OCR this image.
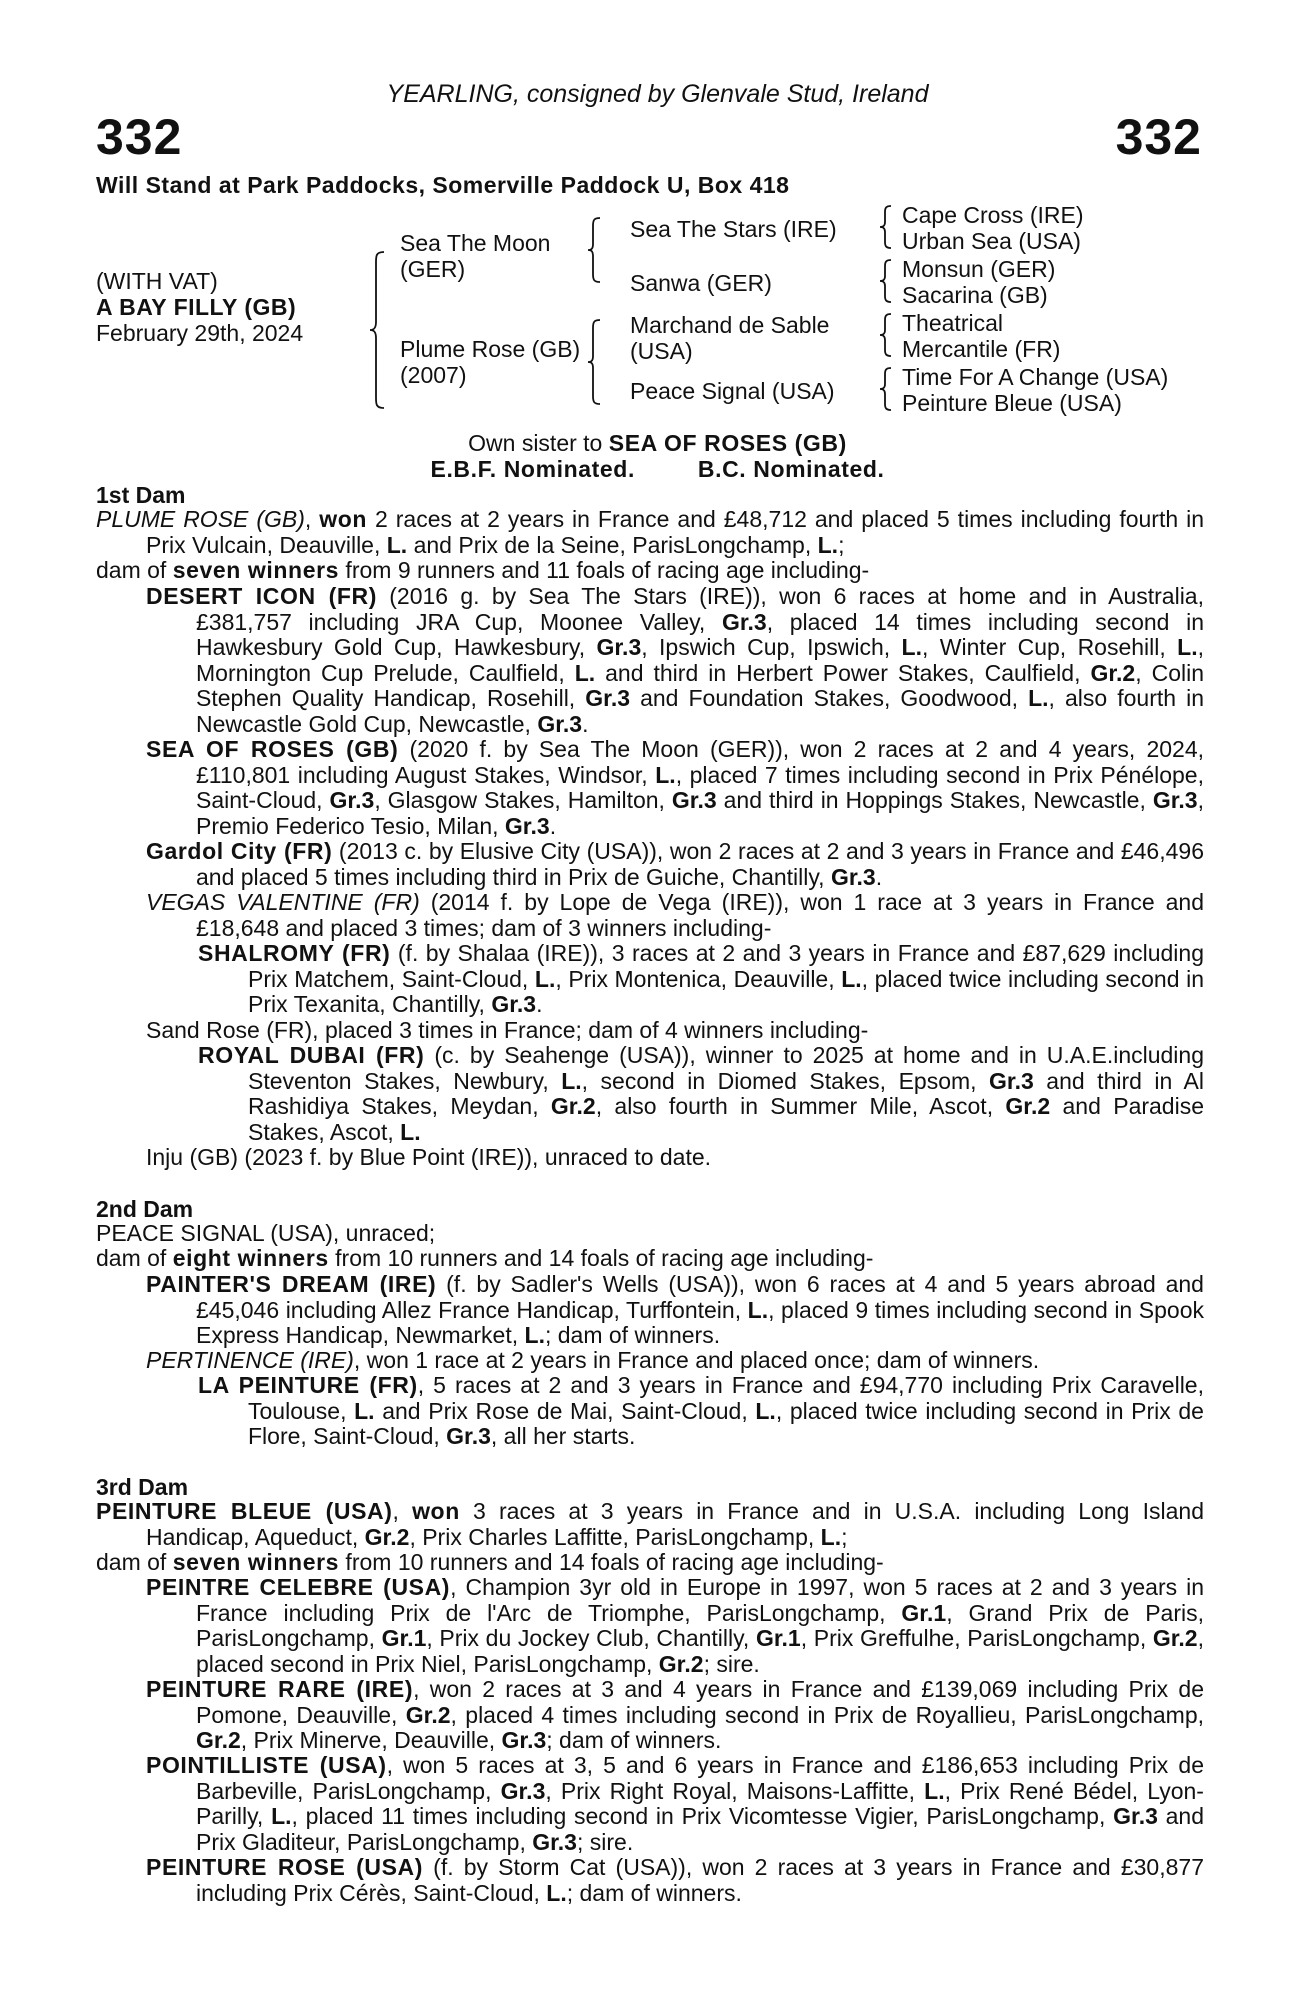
YEARLING, consigned by Glenvale Stud, Ireland
332	332
Will Stand at Park Paddocks, Somerville Paddock U, Box 418
(WITH VAT)
A BAY FILLY (GB)
February 29th, 2024
Sea The Moon (GER)
Plume Rose (GB) (2007)
Sea The Stars (IRE)
Sanwa (GER)
Marchand de Sable (USA)
Peace Signal (USA)
Cape Cross (IRE)
Urban Sea (USA)
Monsun (GER)
Sacarina (GB)
Theatrical
Mercantile (FR)
Time For A Change (USA)
Peinture Bleue (USA)
Own sister to SEA OF ROSES (GB)
E.B.F. Nominated.	B.C. Nominated.
1st Dam

PLUME ROSE (GB), won 2 races at 2 years in France and £48,712 and placed 5 times including fourth in Prix Vulcain, Deauville, L. and Prix de la Seine, ParisLongchamp, L.;

dam of seven winners from 9 runners and 11 foals of racing age including-

DESERT ICON (FR) (2016 g. by Sea The Stars (IRE)), won 6 races at home and in Australia, £381,757 including JRA Cup, Moonee Valley, Gr.3, placed 14 times including second in Hawkesbury Gold Cup, Hawkesbury, Gr.3, Ipswich Cup, Ipswich, L., Winter Cup, Rosehill, L., Mornington Cup Prelude, Caulfield, L. and third in Herbert Power Stakes, Caulfield, Gr.2, Colin Stephen Quality Handicap, Rosehill, Gr.3 and Foundation Stakes, Goodwood, L., also fourth in Newcastle Gold Cup, Newcastle, Gr.3.

SEA OF ROSES (GB) (2020 f. by Sea The Moon (GER)), won 2 races at 2 and 4 years, 2024, £110,801 including August Stakes, Windsor, L., placed 7 times including second in Prix Pénélope, Saint-Cloud, Gr.3, Glasgow Stakes, Hamilton, Gr.3 and third in Hoppings Stakes, Newcastle, Gr.3, Premio Federico Tesio, Milan, Gr.3.

Gardol City (FR) (2013 c. by Elusive City (USA)), won 2 races at 2 and 3 years in France and £46,496 and placed 5 times including third in Prix de Guiche, Chantilly, Gr.3.

VEGAS VALENTINE (FR) (2014 f. by Lope de Vega (IRE)), won 1 race at 3 years in France and £18,648 and placed 3 times; dam of 3 winners including-

SHALROMY (FR) (f. by Shalaa (IRE)), 3 races at 2 and 3 years in France and £87,629 including Prix Matchem, Saint-Cloud, L., Prix Montenica, Deauville, L., placed twice including second in Prix Texanita, Chantilly, Gr.3.

Sand Rose (FR), placed 3 times in France; dam of 4 winners including-

ROYAL DUBAI (FR) (c. by Seahenge (USA)), winner to 2025 at home and in U.A.E.including Steventon Stakes, Newbury, L., second in Diomed Stakes, Epsom, Gr.3 and third in Al Rashidiya Stakes, Meydan, Gr.2, also fourth in Summer Mile, Ascot, Gr.2 and Paradise Stakes, Ascot, L.

Inju (GB) (2023 f. by Blue Point (IRE)), unraced to date.

2nd Dam

PEACE SIGNAL (USA), unraced;

dam of eight winners from 10 runners and 14 foals of racing age including-

PAINTER'S DREAM (IRE) (f. by Sadler's Wells (USA)), won 6 races at 4 and 5 years abroad and £45,046 including Allez France Handicap, Turffontein, L., placed 9 times including second in Spook Express Handicap, Newmarket, L.; dam of winners.

PERTINENCE (IRE), won 1 race at 2 years in France and placed once; dam of winners.

LA PEINTURE (FR), 5 races at 2 and 3 years in France and £94,770 including Prix Caravelle, Toulouse, L. and Prix Rose de Mai, Saint-Cloud, L., placed twice including second in Prix de Flore, Saint-Cloud, Gr.3, all her starts.

3rd Dam

PEINTURE BLEUE (USA), won 3 races at 3 years in France and in U.S.A. including Long Island Handicap, Aqueduct, Gr.2, Prix Charles Laffitte, ParisLongchamp, L.;

dam of seven winners from 10 runners and 14 foals of racing age including-

PEINTRE CELEBRE (USA), Champion 3yr old in Europe in 1997, won 5 races at 2 and 3 years in France including Prix de l'Arc de Triomphe, ParisLongchamp, Gr.1, Grand Prix de Paris, ParisLongchamp, Gr.1, Prix du Jockey Club, Chantilly, Gr.1, Prix Greffulhe, ParisLongchamp, Gr.2, placed second in Prix Niel, ParisLongchamp, Gr.2; sire.

PEINTURE RARE (IRE), won 2 races at 3 and 4 years in France and £139,069 including Prix de Pomone, Deauville, Gr.2, placed 4 times including second in Prix de Royallieu, ParisLongchamp, Gr.2, Prix Minerve, Deauville, Gr.3; dam of winners.

POINTILLISTE (USA), won 5 races at 3, 5 and 6 years in France and £186,653 including Prix de Barbeville, ParisLongchamp, Gr.3, Prix Right Royal, Maisons-Laffitte, L., Prix René Bédel, Lyon-Parilly, L., placed 11 times including second in Prix Vicomtesse Vigier, ParisLongchamp, Gr.3 and Prix Gladiteur, ParisLongchamp, Gr.3; sire.

PEINTURE ROSE (USA) (f. by Storm Cat (USA)), won 2 races at 3 years in France and £30,877 including Prix Cérès, Saint-Cloud, L.; dam of winners.
